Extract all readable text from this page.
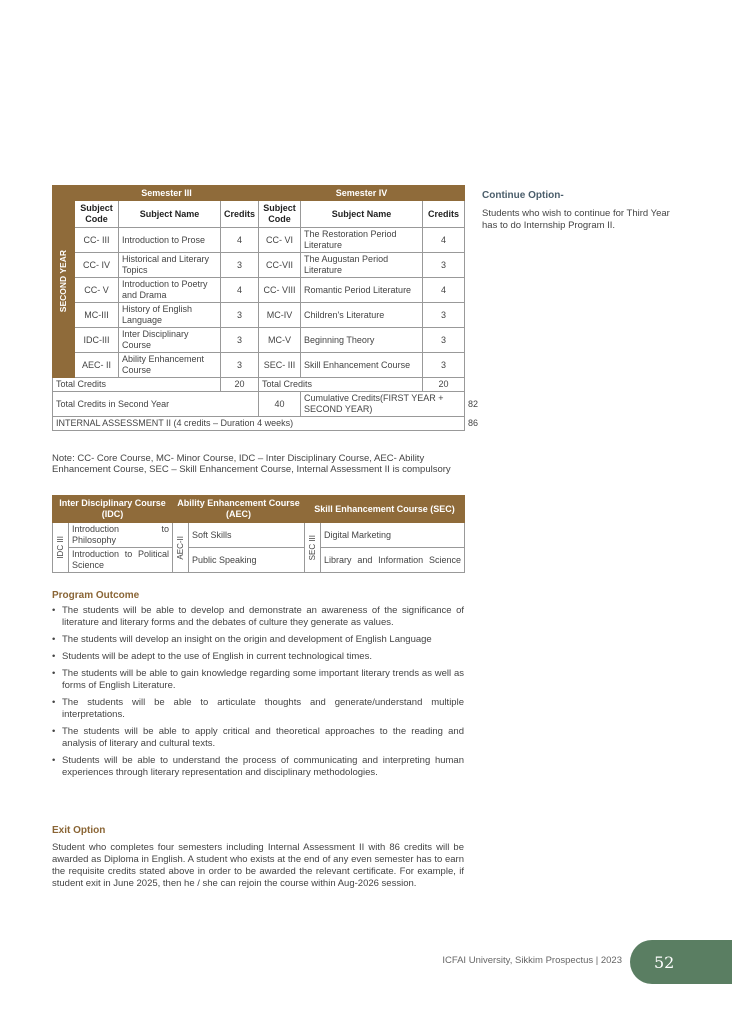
SECOND YEAR	Semester III			Semester IV			
	Subject Code	Subject Name	Credits	Subject Code	Subject Name	Credits	
	CC- III	Introduction to Prose	4	CC- VI	The Restoration Period Literature	4	
	CC- IV	Historical and Literary Topics	3	CC-VII	The Augustan Period Literature	3	
	CC- V	Introduction to Poetry and Drama	4	CC- VIII	Romantic Period Literature	4	
	MC-III	History of English Language	3	MC-IV	Children's Literature	3	
	IDC-III	Inter Disciplinary Course	3	MC-V	Beginning Theory	3	
	AEC- II	Ability Enhancement Course	3	SEC- III	Skill Enhancement Course	3	
Total Credits			20	Total Credits		20	
Total Credits in Second Year				40	Cumulative Credits(FIRST YEAR + SECOND YEAR)		82
INTERNAL ASSESSMENT II (4 credits – Duration 4 weeks)							86

Note: CC- Core Course, MC- Minor Course, IDC – Inter Disciplinary Course, AEC- Ability Enhancement Course, SEC – Skill Enhancement Course, Internal Assessment II is compulsory

Inter Disciplinary Course (IDC)		Ability Enhancement Course (AEC)		Skill Enhancement Course (SEC)	

IDC III	Introduction to Philosophy	AEC-II	Soft Skills	SEC III	Digital Marketing
	Introduction to Political Science		Public Speaking		Library and Information Science
Program Outcome
• The students will be able to develop and demonstrate an awareness of the significance of literature and literary forms and the debates of culture they generate as values.
• The students will develop an insight on the origin and development of English Language
• Students will be adept to the use of English in current technological times.
• The students will be able to gain knowledge regarding some important literary trends as well as forms of English Literature.
• The students will be able to articulate thoughts and generate/understand multiple interpretations.
• The students will be able to apply critical and theoretical approaches to the reading and analysis of literary and cultural texts.
• Students will be able to understand the process of communicating and interpreting human experiences through literary representation and disciplinary methodologies.
Exit Option

Student who completes four semesters including Internal Assessment II with 86 credits will be awarded as Diploma in English. A student who exists at the end of any even semester has to earn the requisite credits stated above in order to be awarded the relevant certificate. For example, if student exit in June 2025, then he / she can rejoin the course within Aug-2026 session.

Continue Option-

Students who wish to continue for Third Year has to do Internship Program II.

ICFAI University, Sikkim Prospectus | 2023 52
